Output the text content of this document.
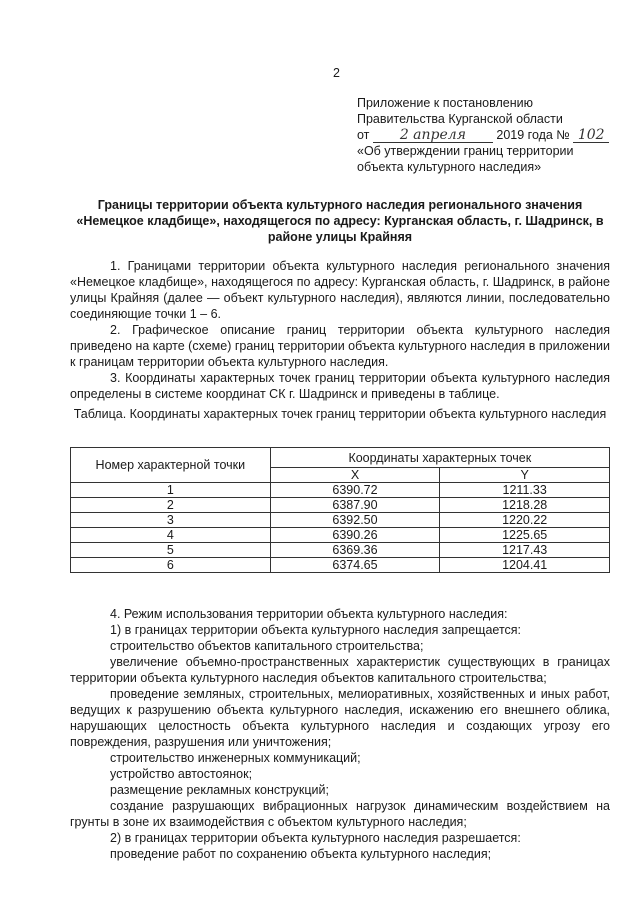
2
Приложение к постановлению
Правительства Курганской области
от 2 апреля 2019 года № 102
«Об утверждении границ территории
объекта культурного наследия»
Границы территории объекта культурного наследия регионального значения «Немецкое кладбище», находящегося по адресу: Курганская область, г. Шадринск, в районе улицы Крайняя

1. Границами территории объекта культурного наследия регионального значения «Немецкое кладбище», находящегося по адресу: Курганская область, г. Шадринск, в районе улицы Крайняя (далее — объект культурного наследия), являются линии, последовательно соединяющие точки 1 – 6.

2. Графическое описание границ территории объекта культурного наследия приведено на карте (схеме) границ территории объекта культурного наследия в приложении к границам территории объекта культурного наследия.

3. Координаты характерных точек границ территории объекта культурного наследия определены в системе координат СК г. Шадринск и приведены в таблице.

Таблица. Координаты характерных точек границ территории объекта культурного наследия
Номер характерной точки	Координаты характерных точек	
	X	Y
1	6390.72	1211.33
2	6387.90	1218.28
3	6392.50	1220.22
4	6390.26	1225.65
5	6369.36	1217.43
6	6374.65	1204.41

4. Режим использования территории объекта культурного наследия:

1) в границах территории объекта культурного наследия запрещается:

строительство объектов капитального строительства;

увеличение объемно-пространственных характеристик существующих в границах территории объекта культурного наследия объектов капитального строительства;

проведение земляных, строительных, мелиоративных, хозяйственных и иных работ, ведущих к разрушению объекта культурного наследия, искажению его внешнего облика, нарушающих целостность объекта культурного наследия и создающих угрозу его повреждения, разрушения или уничтожения;

строительство инженерных коммуникаций;

устройство автостоянок;

размещение рекламных конструкций;

создание разрушающих вибрационных нагрузок динамическим воздействием на грунты в зоне их взаимодействия с объектом культурного наследия;

2) в границах территории объекта культурного наследия разрешается:

проведение работ по сохранению объекта культурного наследия;
